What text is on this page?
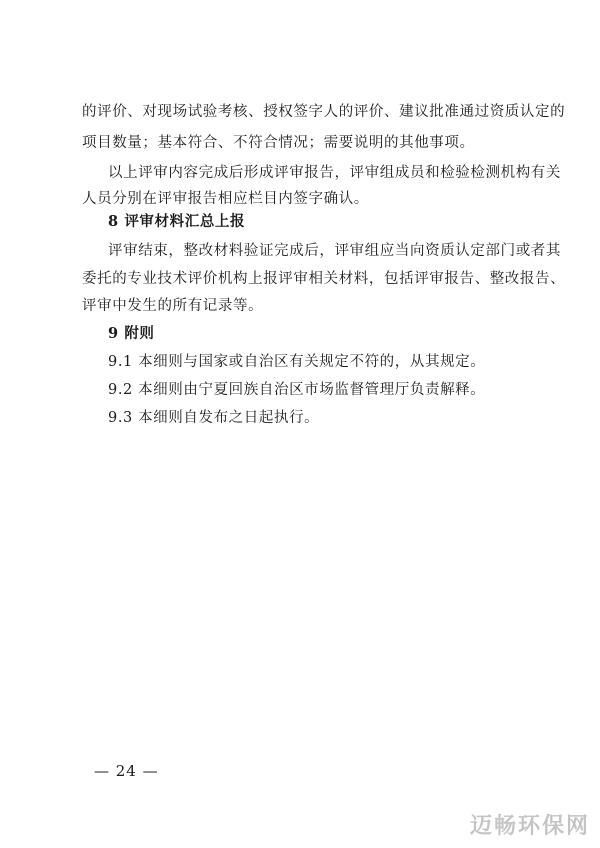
的评价、对现场试验考核、授权签字人的评价、建议批准通过资质认定的
项目数量；基本符合、不符合情况；需要说明的其他事项。
以上评审内容完成后形成评审报告，评审组成员和检验检测机构有关
人员分别在评审报告相应栏目内签字确认。
8 评审材料汇总上报
评审结束，整改材料验证完成后，评审组应当向资质认定部门或者其
委托的专业技术评价机构上报评审相关材料，包括评审报告、整改报告、
评审中发生的所有记录等。
9 附则
9.1 本细则与国家或自治区有关规定不符的，从其规定。
9.2 本细则由宁夏回族自治区市场监督管理厅负责解释。
9.3 本细则自发布之日起执行。
— 24 —
迈畅环保网
